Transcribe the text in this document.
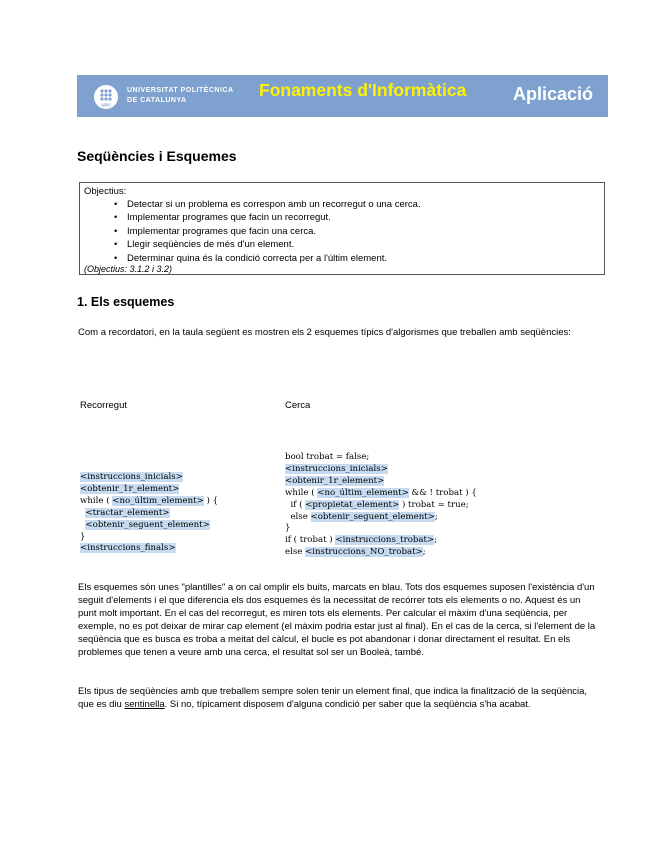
UPC
UNIVERSITAT POLITÈCNICA
DE CATALUNYA
Fonaments d'Informàtica	Aplicació
Seqüències i Esquemes
Objectius:
• Detectar si un problema es correspon amb un recorregut o una cerca.
• Implementar programes que facin un recorregut.
• Implementar programes que facin una cerca.
• Llegir seqüències de més d'un element.
• Determinar quina és la condició correcta per a l'últim element.
(Objectius: 3.1.2 i 3.2)
1. Els esquemes

Com a recordatori, en la taula següent es mostren els 2 esquemes típics d'algorismes que treballen amb seqüències:

Recorregut	Cerca
<instruccions_inicials>
<obtenir_1r_element>
while ( <no_últim_element> ) {
<tractar_element>
<obtenir_seguent_element>
}
<instruccions_finals>
bool trobat = false;
<instruccions_inicials>
<obtenir_1r_element>
while ( <no_últim_element> && ! trobat ) {
if ( <propietat_element> ) trobat = true;
else <obtenir_seguent_element>;
}
if ( trobat ) <instruccions_trobat>;
else <instruccions_NO_trobat>;

Els esquemes són unes "plantilles" a on cal omplir els buits, marcats en blau. Tots dos esquemes suposen l'existència d'un seguit d'elements i el que diferencia els dos esquemes és la necessitat de recórrer tots els elements o no. Aquest és un punt molt important. En el cas del recorregut, es miren tots els elements. Per calcular el màxim d'una seqüència, per exemple, no es pot deixar de mirar cap element (el màxim podria estar just al final). En el cas de la cerca, si l'element de la seqüència que es busca es troba a meitat del càlcul, el bucle es pot abandonar i donar directament el resultat. En els problemes que tenen a veure amb una cerca, el resultat sol ser un Booleà, també.

Els tipus de seqüències amb que treballem sempre solen tenir un element final, que indica la finalització de la seqüència, que es diu sentinella. Si no, típicament disposem d'alguna condició per saber que la seqüència s'ha acabat.
